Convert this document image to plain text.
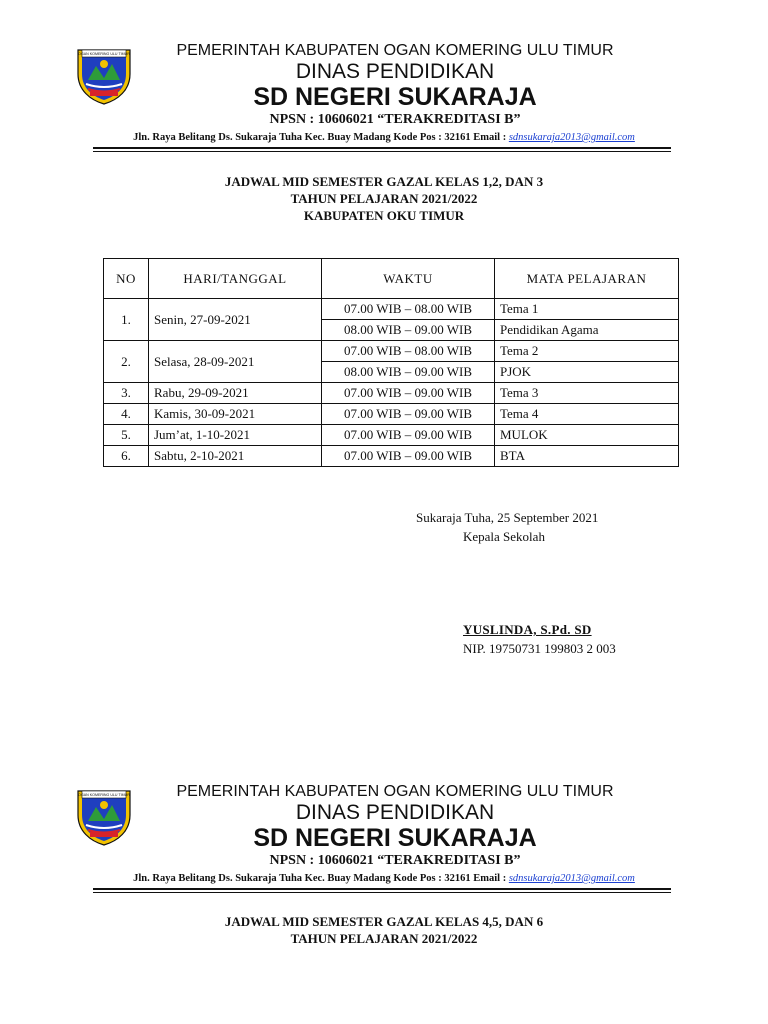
OGAN KOMERING ULU TIMUR	PEMERINTAH KABUPATEN OGAN KOMERING ULU TIMUR
DINAS PENDIDIKAN
SD NEGERI SUKARAJA
NPSN : 10606021 “TERAKREDITASI B”
Jln. Raya Belitang Ds. Sukaraja Tuha Kec. Buay Madang Kode Pos : 32161 Email : sdnsukaraja2013@gmail.com
JADWAL MID SEMESTER GAZAL KELAS 1,2, DAN 3
TAHUN PELAJARAN 2021/2022
KABUPATEN OKU TIMUR
NO	HARI/TANGGAL	WAKTU	MATA PELAJARAN
1.	Senin, 27-09-2021	07.00 WIB – 08.00 WIB	Tema 1
		08.00 WIB – 09.00 WIB	Pendidikan Agama
2.	Selasa, 28-09-2021	07.00 WIB – 08.00 WIB	Tema 2
		08.00 WIB – 09.00 WIB	PJOK
3.	Rabu, 29-09-2021	07.00 WIB – 09.00 WIB	Tema 3
4.	Kamis, 30-09-2021	07.00 WIB – 09.00 WIB	Tema 4
5.	Jum’at, 1-10-2021	07.00 WIB – 09.00 WIB	MULOK
6.	Sabtu, 2-10-2021	07.00 WIB – 09.00 WIB	BTA
Sukaraja Tuha, 25 September 2021
Kepala Sekolah
YUSLINDA, S.Pd. SD
NIP. 19750731 199803 2 003
OGAN KOMERING ULU TIMUR	PEMERINTAH KABUPATEN OGAN KOMERING ULU TIMUR
DINAS PENDIDIKAN
SD NEGERI SUKARAJA
NPSN : 10606021 “TERAKREDITASI B”
Jln. Raya Belitang Ds. Sukaraja Tuha Kec. Buay Madang Kode Pos : 32161 Email : sdnsukaraja2013@gmail.com
JADWAL MID SEMESTER GAZAL KELAS 4,5, DAN 6
TAHUN PELAJARAN 2021/2022
